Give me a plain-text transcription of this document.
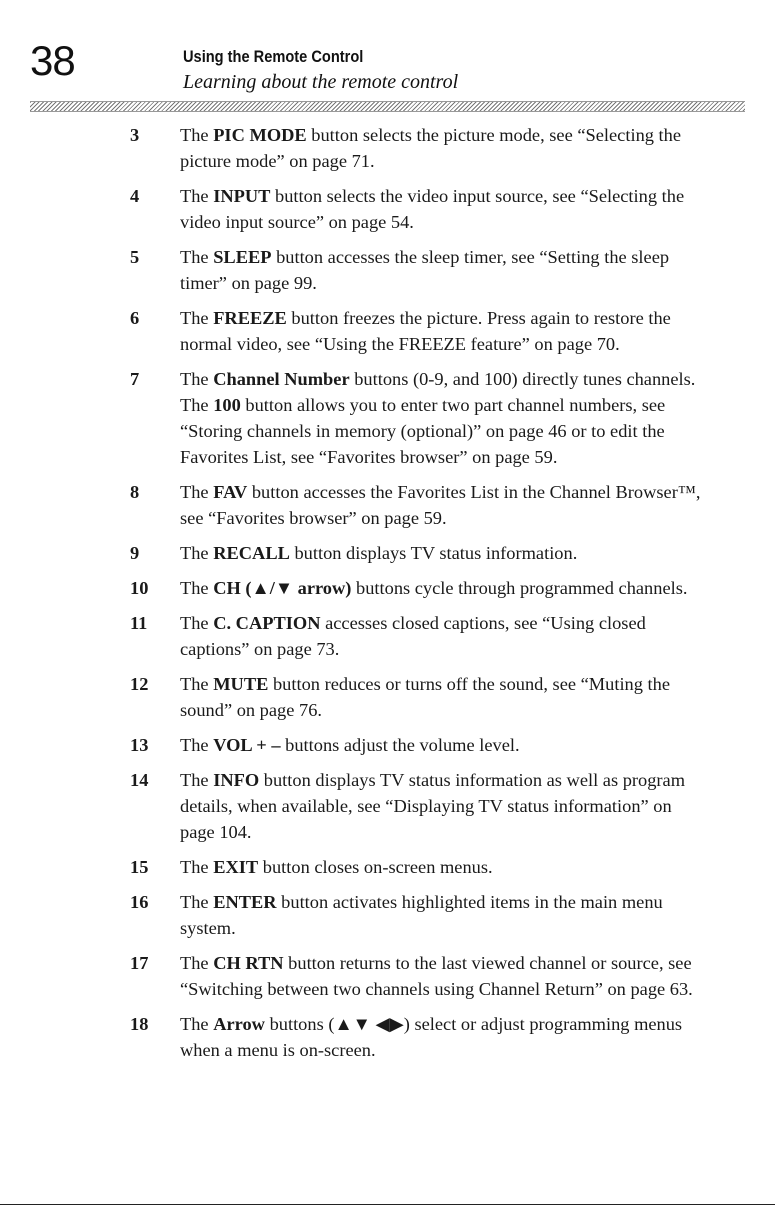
38	Using the Remote Control
Learning about the remote control
3	The PIC MODE button selects the picture mode, see “Selecting the picture mode” on page 71.
4	The INPUT button selects the video input source, see “Selecting the video input source” on page 54.
5	The SLEEP button accesses the sleep timer, see “Setting the sleep timer” on page 99.
6	The FREEZE button freezes the picture. Press again to restore the normal video, see “Using the FREEZE feature” on page 70.
7	The Channel Number buttons (0-9, and 100) directly tunes channels. The 100 button allows you to enter two part channel numbers, see “Storing channels in memory (optional)” on page 46 or to edit the Favorites List, see “Favorites browser” on page 59.
8	The FAV button accesses the Favorites List in the Channel Browser™, see “Favorites browser” on page 59.
9	The RECALL button displays TV status information.
10	The CH (▲/▼ arrow) buttons cycle through programmed channels.
11	The C. CAPTION accesses closed captions, see “Using closed captions” on page 73.
12	The MUTE button reduces or turns off the sound, see “Muting the sound” on page 76.
13	The VOL + – buttons adjust the volume level.
14	The INFO button displays TV status information as well as program details, when available, see “Displaying TV status information” on page 104.
15	The EXIT button closes on-screen menus.
16	The ENTER button activates highlighted items in the main menu system.
17	The CH RTN button returns to the last viewed channel or source, see “Switching between two channels using Channel Return” on page 63.
18	The Arrow buttons (▲▼ ◀▶) select or adjust programming menus when a menu is on-screen.
